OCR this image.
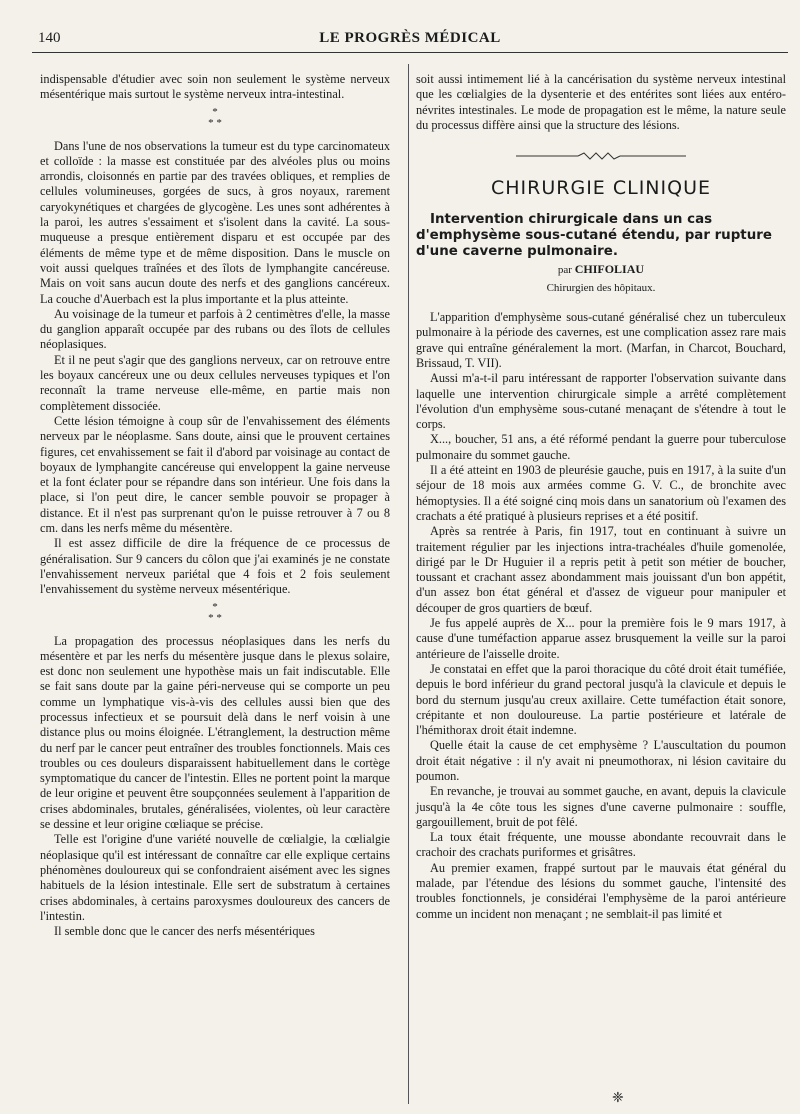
140	LE PROGRÈS MÉDICAL

indispensable d'étudier avec soin non seulement le système nerveux mésentérique mais surtout le système nerveux intra-intestinal.

*
* *

Dans l'une de nos observations la tumeur est du type carcinomateux et colloïde : la masse est constituée par des alvéoles plus ou moins arrondis, cloisonnés en partie par des travées obliques, et remplies de cellules volumineuses, gorgées de sucs, à gros noyaux, rarement caryokynétiques et chargées de glycogène. Les unes sont adhérentes à la paroi, les autres s'essaiment et s'isolent dans la cavité. La sous-muqueuse a presque entièrement disparu et est occupée par des éléments de même type et de même disposition. Dans le muscle on voit aussi quelques traînées et des îlots de lymphangite cancéreuse. Mais on voit sans aucun doute des nerfs et des ganglions cancéreux. La couche d'Auerbach est la plus importante et la plus atteinte.

Au voisinage de la tumeur et parfois à 2 centimètres d'elle, la masse du ganglion apparaît occupée par des rubans ou des îlots de cellules néoplasiques.

Et il ne peut s'agir que des ganglions nerveux, car on retrouve entre les boyaux cancéreux une ou deux cellules nerveuses typiques et l'on reconnaît la trame nerveuse elle-même, en partie mais non complètement dissociée.

Cette lésion témoigne à coup sûr de l'envahissement des éléments nerveux par le néoplasme. Sans doute, ainsi que le prouvent certaines figures, cet envahissement se fait il d'abord par voisinage au contact de boyaux de lymphangite cancéreuse qui enveloppent la gaine nerveuse et la font éclater pour se répandre dans son intérieur. Une fois dans la place, si l'on peut dire, le cancer semble pouvoir se propager à distance. Et il n'est pas surprenant qu'on le puisse retrouver à 7 ou 8 cm. dans les nerfs même du mésentère.

Il est assez difficile de dire la fréquence de ce processus de généralisation. Sur 9 cancers du côlon que j'ai examinés je ne constate l'envahissement nerveux pariétal que 4 fois et 2 fois seulement l'envahissement du système nerveux mésentérique.

*
* *

La propagation des processus néoplasiques dans les nerfs du mésentère et par les nerfs du mésentère jusque dans le plexus solaire, est donc non seulement une hypothèse mais un fait indiscutable. Elle se fait sans doute par la gaine péri-nerveuse qui se comporte un peu comme un lymphatique vis-à-vis des cellules aussi bien que des processus infectieux et se poursuit delà dans le nerf voisin à une distance plus ou moins éloignée. L'étranglement, la destruction même du nerf par le cancer peut entraîner des troubles fonctionnels. Mais ces troubles ou ces douleurs disparaissent habituellement dans le cortège symptomatique du cancer de l'intestin. Elles ne portent point la marque de leur origine et peuvent être soupçonnées seulement à l'apparition de crises abdominales, brutales, généralisées, violentes, où leur caractère se dessine et leur origine cœliaque se précise.

Telle est l'origine d'une variété nouvelle de cœlialgie, la cœlialgie néoplasique qu'il est intéressant de connaître car elle explique certains phénomènes douloureux qui se confondraient aisément avec les signes habituels de la lésion intestinale. Elle sert de substratum à certaines crises abdominales, à certains paroxysmes douloureux des cancers de l'intestin.

Il semble donc que le cancer des nerfs mésentériques

soit aussi intimement lié à la cancérisation du système nerveux intestinal que les cœlialgies de la dysenterie et des entérites sont liées aux entéro-névrites intestinales. Le mode de propagation est le même, la nature seule du processus diffère ainsi que la structure des lésions.

CHIRURGIE CLINIQUE

Intervention chirurgicale dans un cas d'emphysème sous-cutané étendu, par rupture d'une caverne pulmonaire.

par CHIFOLIAU
Chirurgien des hôpitaux.

L'apparition d'emphysème sous-cutané généralisé chez un tuberculeux pulmonaire à la période des cavernes, est une complication assez rare mais grave qui entraîne généralement la mort. (Marfan, in Charcot, Bouchard, Brissaud, T. VII).

Aussi m'a-t-il paru intéressant de rapporter l'observation suivante dans laquelle une intervention chirurgicale simple a arrêté complètement l'évolution d'un emphysème sous-cutané menaçant de s'étendre à tout le corps.

X..., boucher, 51 ans, a été réformé pendant la guerre pour tuberculose pulmonaire du sommet gauche.

Il a été atteint en 1903 de pleurésie gauche, puis en 1917, à la suite d'un séjour de 18 mois aux armées comme G. V. C., de bronchite avec hémoptysies. Il a été soigné cinq mois dans un sanatorium où l'examen des crachats a été pratiqué à plusieurs reprises et a été positif.

Après sa rentrée à Paris, fin 1917, tout en continuant à suivre un traitement régulier par les injections intra-trachéales d'huile gomenolée, dirigé par le Dr Huguier il a repris petit à petit son métier de boucher, toussant et crachant assez abondamment mais jouissant d'un bon appétit, d'un assez bon état général et d'assez de vigueur pour manipuler et découper de gros quartiers de bœuf.

Je fus appelé auprès de X... pour la première fois le 9 mars 1917, à cause d'une tuméfaction apparue assez brusquement la veille sur la paroi antérieure de l'aisselle droite.

Je constatai en effet que la paroi thoracique du côté droit était tuméfiée, depuis le bord inférieur du grand pectoral jusqu'à la clavicule et depuis le bord du sternum jusqu'au creux axillaire. Cette tuméfaction était sonore, crépitante et non douloureuse. La partie postérieure et latérale de l'hémithorax droit était indemne.

Quelle était la cause de cet emphysème ? L'auscultation du poumon droit était négative : il n'y avait ni pneumothorax, ni lésion cavitaire du poumon.

En revanche, je trouvai au sommet gauche, en avant, depuis la clavicule jusqu'à la 4e côte tous les signes d'une caverne pulmonaire : souffle, gargouillement, bruit de pot fêlé.

La toux était fréquente, une mousse abondante recouvrait dans le crachoir des crachats puriformes et grisâtres.

Au premier examen, frappé surtout par le mauvais état général du malade, par l'étendue des lésions du sommet gauche, l'intensité des troubles fonctionnels, je considérai l'emphysème de la paroi antérieure comme un incident non menaçant ; ne semblait-il pas limité et

❈
